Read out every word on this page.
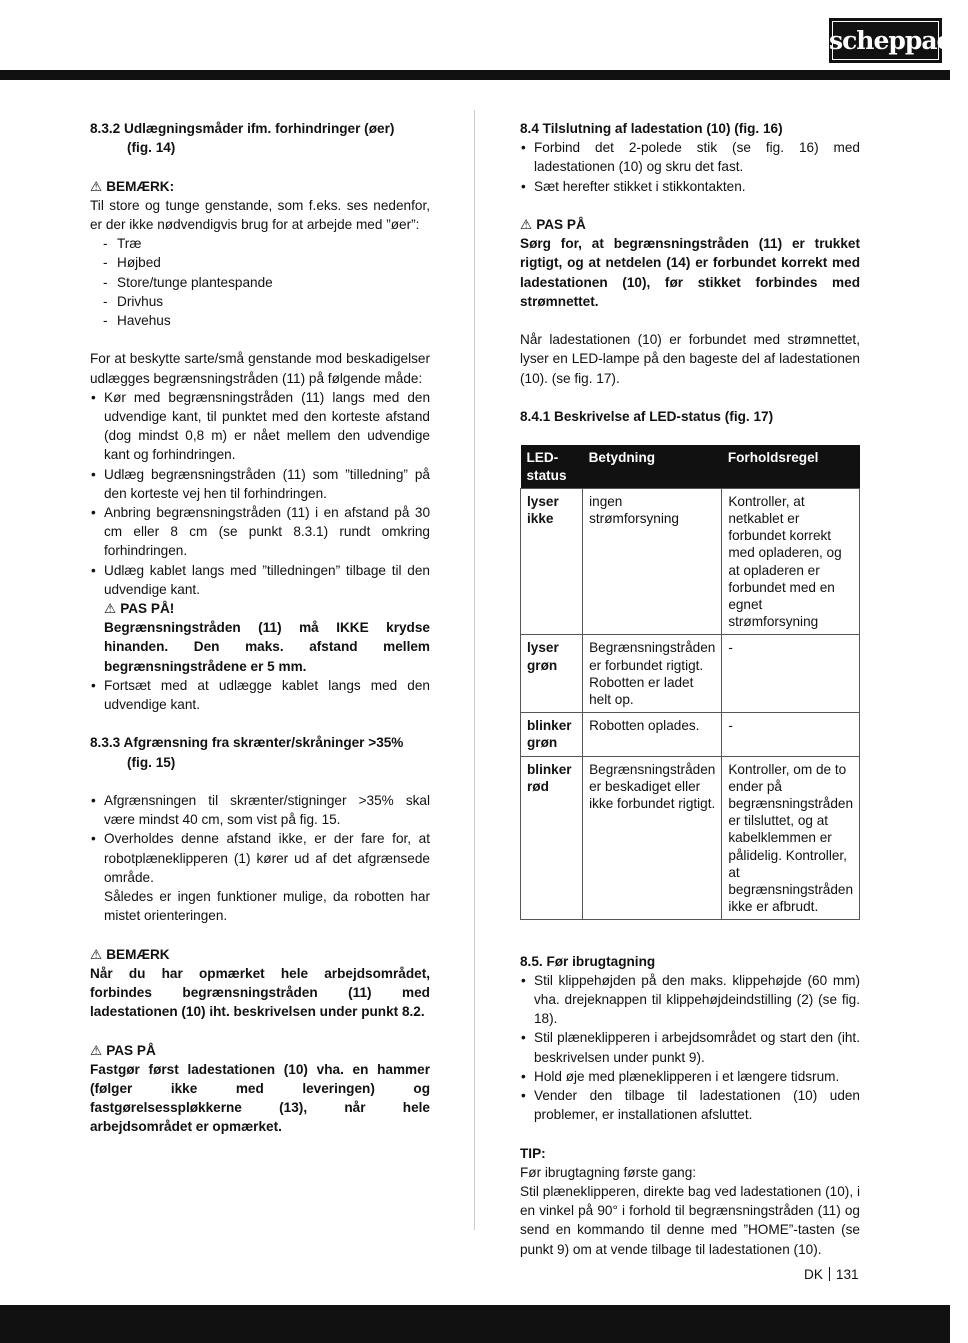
scheppach
8.3.2 Udlægningsmåder ifm. forhindringer (øer)
(fig. 14)
⚠ BEMÆRK:

Til store og tunge genstande, som f.eks. ses nedenfor, er der ikke nødvendigvis brug for at arbejde med ”øer”:

- Træ
- Højbed
- Store/tunge plantespande
- Drivhus
- Havehus

For at beskytte sarte/små genstande mod beskadigelser udlægges begrænsningstråden (11) på følgende måde:

• Kør med begrænsningstråden (11) langs med den udvendige kant, til punktet med den korteste afstand (dog mindst 0,8 m) er nået mellem den udvendige kant og forhindringen.
• Udlæg begrænsningstråden (11) som ”tilledning” på den korteste vej hen til forhindringen.
• Anbring begrænsningstråden (11) i en afstand på 30 cm eller 8 cm (se punkt 8.3.1) rundt omkring forhindringen.
• Udlæg kablet langs med ”tilledningen” tilbage til den udvendige kant.
⚠ PAS PÅ!

Begrænsningstråden (11) må IKKE krydse hinanden. Den maks. afstand mellem begrænsningstrådene er 5 mm.

• Fortsæt med at udlægge kablet langs med den udvendige kant.
8.3.3 Afgrænsning fra skrænter/skråninger >35%
(fig. 15)
• Afgrænsningen til skrænter/stigninger >35% skal være mindst 40 cm, som vist på fig. 15.
• Overholdes denne afstand ikke, er der fare for, at robotplæneklipperen (1) kører ud af det afgrænsede område.
Således er ingen funktioner mulige, da robotten har mistet orienteringen.
⚠ BEMÆRK

Når du har opmærket hele arbejdsområdet, forbindes begrænsningstråden (11) med ladestationen (10) iht. beskrivelsen under punkt 8.2.

⚠ PAS PÅ

Fastgør først ladestationen (10) vha. en hammer (følger ikke med leveringen) og fastgørelsesspløkkerne (13), når hele arbejdsområdet er opmærket.

8.4 Tilslutning af ladestation (10) (fig. 16)
• Forbind det 2-polede stik (se fig. 16) med ladestationen (10) og skru det fast.
• Sæt herefter stikket i stikkontakten.
⚠ PAS PÅ

Sørg for, at begrænsningstråden (11) er trukket rigtigt, og at netdelen (14) er forbundet korrekt med ladestationen (10), før stikket forbindes med strømnettet.

Når ladestationen (10) er forbundet med strømnettet, lyser en LED-lampe på den bageste del af ladestationen (10). (se fig. 17).

8.4.1 Beskrivelse af LED-status (fig. 17)
LED-status	Betydning	Forholdsregel
lyser ikke	ingen strømforsyning	Kontroller, at netkablet er forbundet korrekt med opladeren, og at opladeren er forbundet med en egnet strømforsyning
lyser grøn	Begrænsningstråden er forbundet rigtigt. Robotten er ladet helt op.	-
blinker grøn	Robotten oplades.	-
blinker rød	Begrænsningstråden er beskadiget eller ikke forbundet rigtigt.	Kontroller, om de to ender på begrænsningstråden er tilsluttet, og at kabelklemmen er pålidelig. Kontroller, at begrænsningstråden ikke er afbrudt.
8.5. Før ibrugtagning
• Stil klippehøjden på den maks. klippehøjde (60 mm) vha. drejeknappen til klippehøjdeindstilling (2) (se fig. 18).
• Stil plæneklipperen i arbejdsområdet og start den (iht. beskrivelsen under punkt 9).
• Hold øje med plæneklipperen i et længere tidsrum.
• Vender den tilbage til ladestationen (10) uden problemer, er installationen afsluttet.
TIP:

Før ibrugtagning første gang:

Stil plæneklipperen, direkte bag ved ladestationen (10), i en vinkel på 90° i forhold til begrænsningstråden (11) og send en kommando til denne med ”HOME”-tasten (se punkt 9) om at vende tilbage til ladestationen (10).

DK 131
